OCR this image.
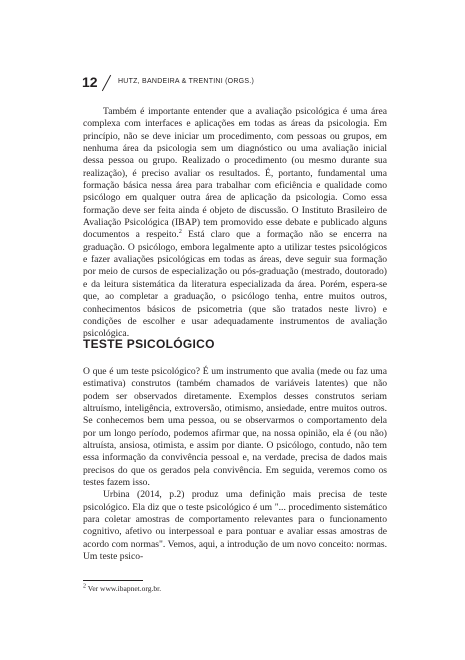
12	HUTZ, BANDEIRA & TRENTINI (ORGS.)

Também é importante entender que a avaliação psicológica é uma área complexa com interfaces e aplicações em todas as áreas da psicologia. Em princípio, não se deve iniciar um procedimento, com pessoas ou grupos, em nenhuma área da psicologia sem um diagnóstico ou uma avaliação inicial dessa pessoa ou grupo. Realizado o procedimento (ou mesmo durante sua realização), é preciso avaliar os resultados. É, portanto, fundamental uma formação básica nessa área para trabalhar com eficiência e qualidade como psicólogo em qualquer outra área de aplicação da psicologia. Como essa formação deve ser feita ainda é objeto de discussão. O Instituto Brasileiro de Avaliação Psicológica (IBAP) tem promovido esse debate e publicado alguns documentos a respeito.$^2$ Está claro que a formação não se encerra na graduação. O psicólogo, embora legalmente apto a utilizar testes psicológicos e fazer avaliações psicológicas em todas as áreas, deve seguir sua formação por meio de cursos de especialização ou pós-graduação (mestrado, doutorado) e da leitura sistemática da literatura especializada da área. Porém, espera-se que, ao completar a graduação, o psicólogo tenha, entre muitos outros, conhecimentos básicos de psicometria (que são tratados neste livro) e condições de escolher e usar adequadamente instrumentos de avaliação psicológica.

TESTE PSICOLÓGICO

O que é um teste psicológico? É um instrumento que avalia (mede ou faz uma estimativa) construtos (também chamados de variáveis latentes) que não podem ser observados diretamente. Exemplos desses construtos seriam altruísmo, inteligência, extroversão, otimismo, ansiedade, entre muitos outros. Se conhecemos bem uma pessoa, ou se observarmos o comportamento dela por um longo período, podemos afirmar que, na nossa opinião, ela é (ou não) altruísta, ansiosa, otimista, e assim por diante. O psicólogo, contudo, não tem essa informação da convivência pessoal e, na verdade, precisa de dados mais precisos do que os gerados pela convivência. Em seguida, veremos como os testes fazem isso.

Urbina (2014, p.2) produz uma definição mais precisa de teste psicológico. Ela diz que o teste psicológico é um "... procedimento sistemático para coletar amostras de comportamento relevantes para o funcionamento cognitivo, afetivo ou interpessoal e para pontuar e avaliar essas amostras de acordo com normas". Vemos, aqui, a introdução de um novo conceito: normas. Um teste psico-

$^2$ Ver www.ibapnet.org.br.
